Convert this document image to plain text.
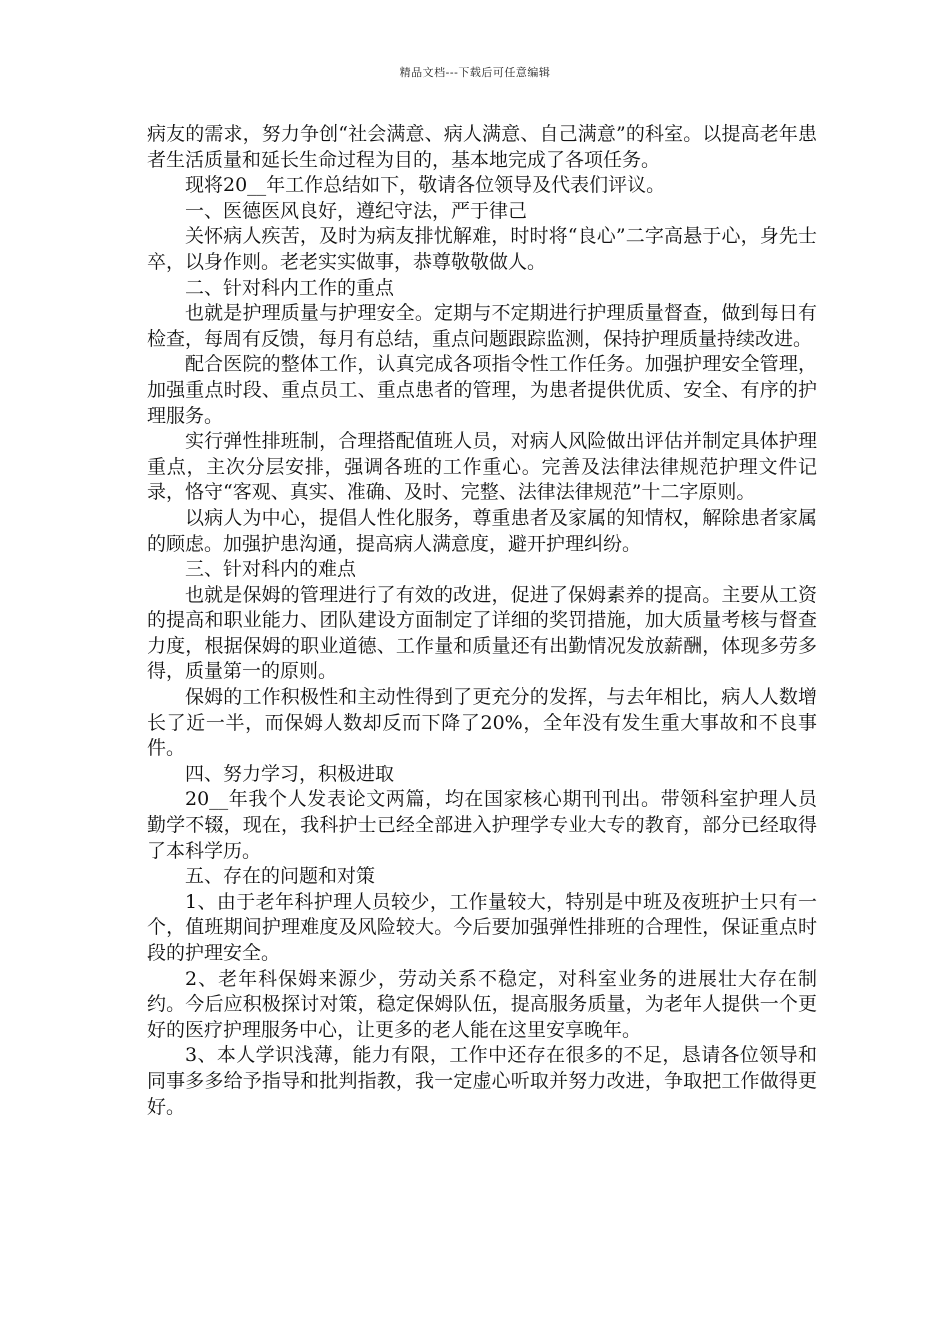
精品文档---下载后可任意编辑

病友的需求，努力争创“社会满意、病人满意、自己满意”的科室。以提高老年患者生活质量和延长生命过程为目的，基本地完成了各项任务。

现将20__年工作总结如下，敬请各位领导及代表们评议。

一、医德医风良好，遵纪守法，严于律己

关怀病人疾苦，及时为病友排忧解难，时时将“良心”二字高悬于心，身先士卒，以身作则。老老实实做事，恭尊敬敬做人。

二、针对科内工作的重点

也就是护理质量与护理安全。定期与不定期进行护理质量督查，做到每日有检查，每周有反馈，每月有总结，重点问题跟踪监测，保持护理质量持续改进。

配合医院的整体工作，认真完成各项指令性工作任务。加强护理安全管理，加强重点时段、重点员工、重点患者的管理，为患者提供优质、安全、有序的护理服务。

实行弹性排班制，合理搭配值班人员，对病人风险做出评估并制定具体护理重点，主次分层安排，强调各班的工作重心。完善及法律法律规范护理文件记录，恪守“客观、真实、准确、及时、完整、法律法律规范”十二字原则。

以病人为中心，提倡人性化服务，尊重患者及家属的知情权，解除患者家属的顾虑。加强护患沟通，提高病人满意度，避开护理纠纷。

三、针对科内的难点

也就是保姆的管理进行了有效的改进，促进了保姆素养的提高。主要从工资的提高和职业能力、团队建设方面制定了详细的奖罚措施，加大质量考核与督查力度，根据保姆的职业道德、工作量和质量还有出勤情况发放薪酬，体现多劳多得，质量第一的原则。

保姆的工作积极性和主动性得到了更充分的发挥，与去年相比，病人人数增长了近一半，而保姆人数却反而下降了20%，全年没有发生重大事故和不良事件。

四、努力学习，积极进取

20__年我个人发表论文两篇，均在国家核心期刊刊出。带领科室护理人员勤学不辍，现在，我科护士已经全部进入护理学专业大专的教育，部分已经取得了本科学历。

五、存在的问题和对策

1、由于老年科护理人员较少，工作量较大，特别是中班及夜班护士只有一个，值班期间护理难度及风险较大。今后要加强弹性排班的合理性，保证重点时段的护理安全。

2、老年科保姆来源少，劳动关系不稳定，对科室业务的进展壮大存在制约。今后应积极探讨对策，稳定保姆队伍，提高服务质量，为老年人提供一个更好的医疗护理服务中心，让更多的老人能在这里安享晚年。

3、本人学识浅薄，能力有限，工作中还存在很多的不足，恳请各位领导和同事多多给予指导和批判指教，我一定虚心听取并努力改进，争取把工作做得更好。
